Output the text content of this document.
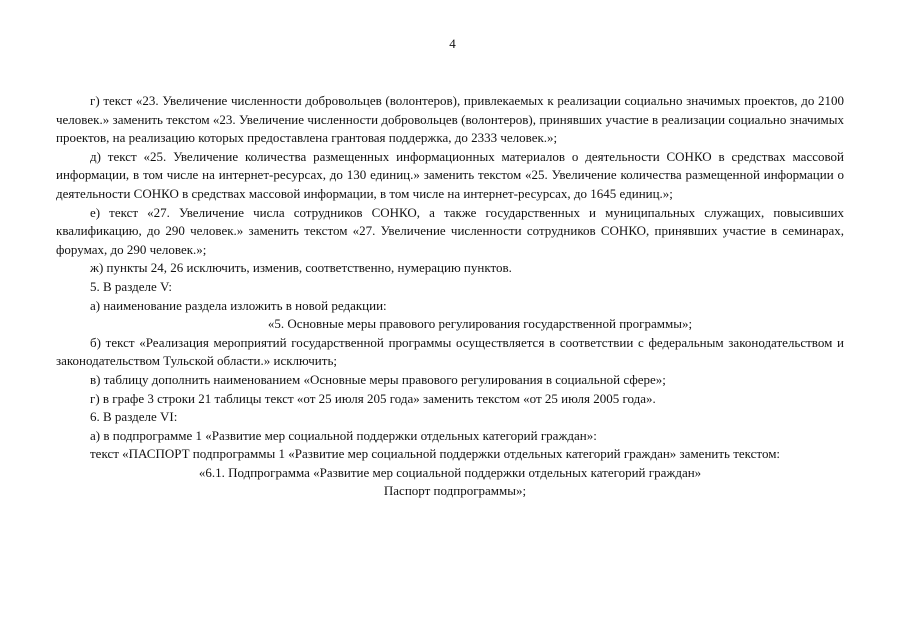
4

г) текст «23. Увеличение численности добровольцев (волонтеров), привлекаемых к реализации социально значимых проектов, до 2100 человек.» заменить текстом «23. Увеличение численности добровольцев (волонтеров), принявших участие в реализации социально значимых проектов, на реализацию которых предоставлена грантовая поддержка, до 2333 человек.»;

д) текст «25. Увеличение количества размещенных информационных материалов о деятельности СОНКО в средствах массовой информации, в том числе на интернет-ресурсах, до 130 единиц.» заменить текстом «25. Увеличение количества размещенной информации о деятельности СОНКО в средствах массовой информации, в том числе на интернет-ресурсах, до 1645 единиц.»;

е) текст «27. Увеличение числа сотрудников СОНКО, а также государственных и муниципальных служащих, повысивших квалификацию, до 290 человек.» заменить текстом «27. Увеличение численности сотрудников СОНКО, принявших участие в семинарах, форумах, до 290 человек.»;

ж) пункты 24, 26 исключить, изменив, соответственно, нумерацию пунктов.

5. В разделе V:

а) наименование раздела изложить в новой редакции:

«5. Основные меры правового регулирования государственной программы»;

б) текст «Реализация мероприятий государственной программы осуществляется в соответствии с федеральным законодательством и законодательством Тульской области.» исключить;

в) таблицу дополнить наименованием «Основные меры правового регулирования в социальной сфере»;

г) в графе 3 строки 21 таблицы текст «от 25 июля 205 года» заменить текстом «от 25 июля 2005 года».

6. В разделе VI:

а) в подпрограмме 1 «Развитие мер социальной поддержки отдельных категорий граждан»:

текст «ПАСПОРТ подпрограммы 1 «Развитие мер социальной поддержки отдельных категорий граждан» заменить текстом:

«6.1. Подпрограмма «Развитие мер социальной поддержки отдельных категорий граждан»

Паспорт подпрограммы»;
